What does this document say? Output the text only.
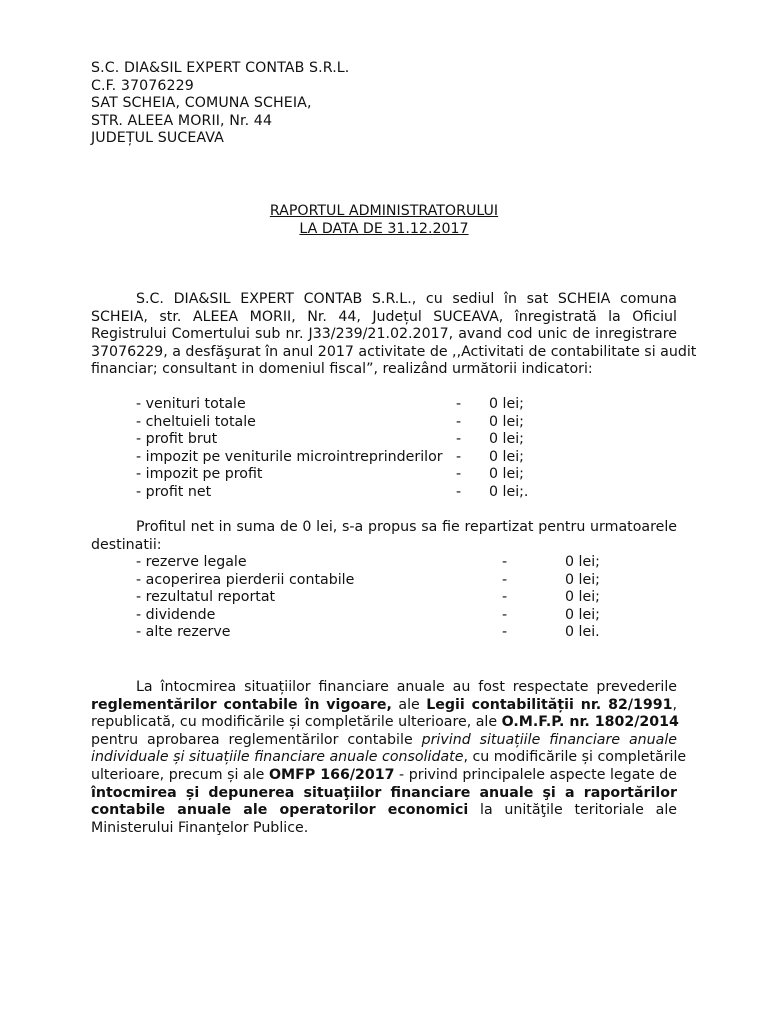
S.C. DIA&SIL EXPERT CONTAB S.R.L.
C.F. 37076229
SAT SCHEIA, COMUNA SCHEIA,
STR. ALEEA MORII, Nr. 44
JUDEȚUL SUCEAVA
RAPORTUL ADMINISTRATORULUI
LA DATA DE 31.12.2017
S.C. DIA&SIL EXPERT CONTAB S.R.L., cu sediul în sat SCHEIA comuna
SCHEIA, str. ALEEA MORII, Nr. 44, Județul SUCEAVA, înregistrată la Oficiul
Registrului Comertului sub nr. J33/239/21.02.2017, avand cod unic de inregistrare
37076229, a desfăşurat în anul 2017 activitate de ,,Activitati de contabilitate si audit
financiar; consultant in domeniul fiscal”, realizând următorii indicatori:
- venituri totale	-	0 lei;
- cheltuieli totale	-	0 lei;
- profit brut	-	0 lei;
- impozit pe veniturile microintreprinderilor	-	0 lei;
- impozit pe profit	-	0 lei;
- profit net	-	0 lei;.
Profitul net in suma de 0 lei, s-a propus sa fie repartizat pentru urmatoarele
destinatii:
- rezerve legale	-	0 lei;
- acoperirea pierderii contabile	-	0 lei;
- rezultatul reportat	-	0 lei;
- dividende	-	0 lei;
- alte rezerve	-	0 lei.
La întocmirea situațiilor financiare anuale au fost respectate prevederile
reglementărilor contabile în vigoare, ale Legii contabilității nr. 82/1991,
republicată, cu modificările și completările ulterioare, ale O.M.F.P. nr. 1802/2014
pentru aprobarea reglementărilor contabile privind situațiile financiare anuale
individuale și situațiile financiare anuale consolidate, cu modificările și completările
ulterioare, precum și ale OMFP 166/2017 - privind principalele aspecte legate de
întocmirea și depunerea situaţiilor financiare anuale şi a raportărilor
contabile anuale ale operatorilor economici la unităţile teritoriale ale
Ministerului Finanţelor Publice.
